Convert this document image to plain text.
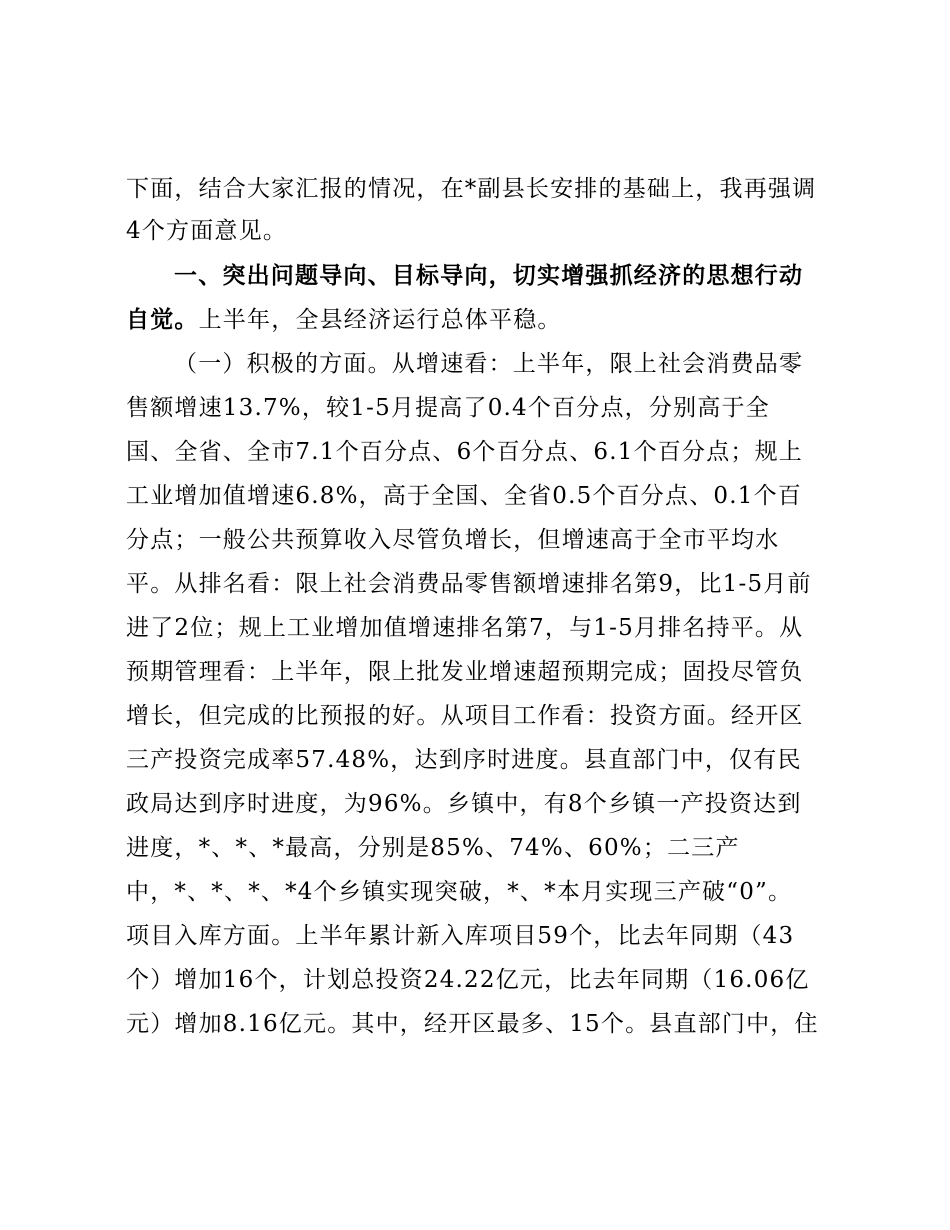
下面，结合大家汇报的情况，在*副县长安排的基础上，我再强调
4个方面意见。
一、突出问题导向、目标导向，切实增强抓经济的思想行动
自觉。上半年，全县经济运行总体平稳。
（一）积极的方面。从增速看：上半年，限上社会消费品零
售额增速13.7%，较1-5月提高了0.4个百分点，分别高于全
国、全省、全市7.1个百分点、6个百分点、6.1个百分点；规上
工业增加值增速6.8%，高于全国、全省0.5个百分点、0.1个百
分点；一般公共预算收入尽管负增长，但增速高于全市平均水
平。从排名看：限上社会消费品零售额增速排名第9，比1-5月前
进了2位；规上工业增加值增速排名第7，与1-5月排名持平。从
预期管理看：上半年，限上批发业增速超预期完成；固投尽管负
增长，但完成的比预报的好。从项目工作看：投资方面。经开区
三产投资完成率57.48%，达到序时进度。县直部门中，仅有民
政局达到序时进度，为96%。乡镇中，有8个乡镇一产投资达到
进度，*、*、*最高，分别是85%、74%、60%；二三产
中，*、*、*、*4个乡镇实现突破，*、*本月实现三产破“0”。
项目入库方面。上半年累计新入库项目59个，比去年同期（43
个）增加16个，计划总投资24.22亿元，比去年同期（16.06亿
元）增加8.16亿元。其中，经开区最多、15个。县直部门中，住
